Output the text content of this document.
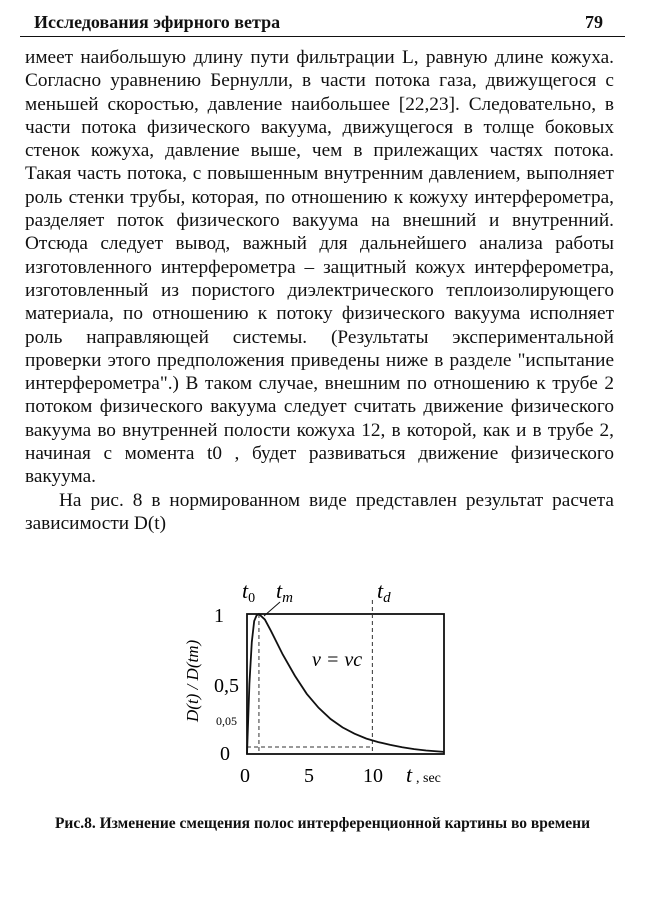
Исследования эфирного ветра	79

имеет наибольшую длину пути фильтрации L, равную длине кожуха. Согласно уравнению Бернулли, в части потока газа, движущегося с меньшей скоростью, давление наибольшее [22,23]. Следовательно, в части потока физического вакуума, движущегося в толще боковых стенок кожуха, давление выше, чем в прилежащих частях потока. Такая часть потока, с повышенным внутренним давлением, выполняет роль стенки трубы, которая, по отношению к кожуху интерферометра, разделяет поток физического вакуума на внешний и внутренний. Отсюда следует вывод, важный для дальнейшего анализа работы изготовленного интерферометра – защитный кожух интерферометра, изготовленный из пористого диэлектрического теплоизолирующего материала, по отношению к потоку физического вакуума исполняет роль направляющей системы. (Результаты экспериментальной проверки этого предположения приведены ниже в разделе "испытание интерферометра".) В таком случае, внешним по отношению к трубе 2 потоком физического вакуума следует считать движение физического вакуума во внутренней полости кожуха 12, в которой, как и в трубе 2, начиная с момента t0 , будет развиваться движение физического вакуума.

На рис. 8 в нормированном виде представлен результат расчета зависимости D(t)

t0 tm	td
ν = νc
1
0,5
0,05
0
D(t) / D(tm)
0	5 10 t , sec
Рис.8. Изменение смещения полос интерференционной картины во времени
